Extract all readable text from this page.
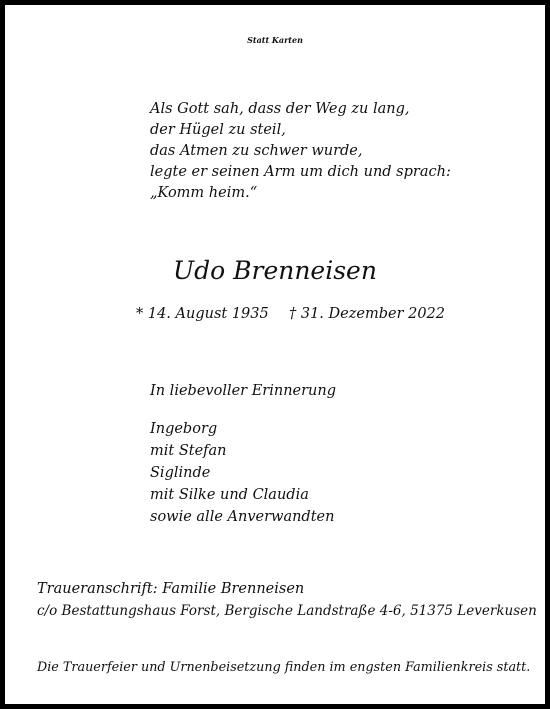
Statt Karten
Als Gott sah, dass der Weg zu lang,
der Hügel zu steil,
das Atmen zu schwer wurde,
legte er seinen Arm um dich und sprach:
„Komm heim.“
Udo Brenneisen
* 14. August 1935 † 31. Dezember 2022
In liebevoller Erinnerung
Ingeborg
mit Stefan
Siglinde
mit Silke und Claudia
sowie alle Anverwandten
Traueranschrift: Familie Brenneisen
c/o Bestattungshaus Forst, Bergische Landstraße 4-6, 51375 Leverkusen
Die Trauerfeier und Urnenbeisetzung finden im engsten Familienkreis statt.
